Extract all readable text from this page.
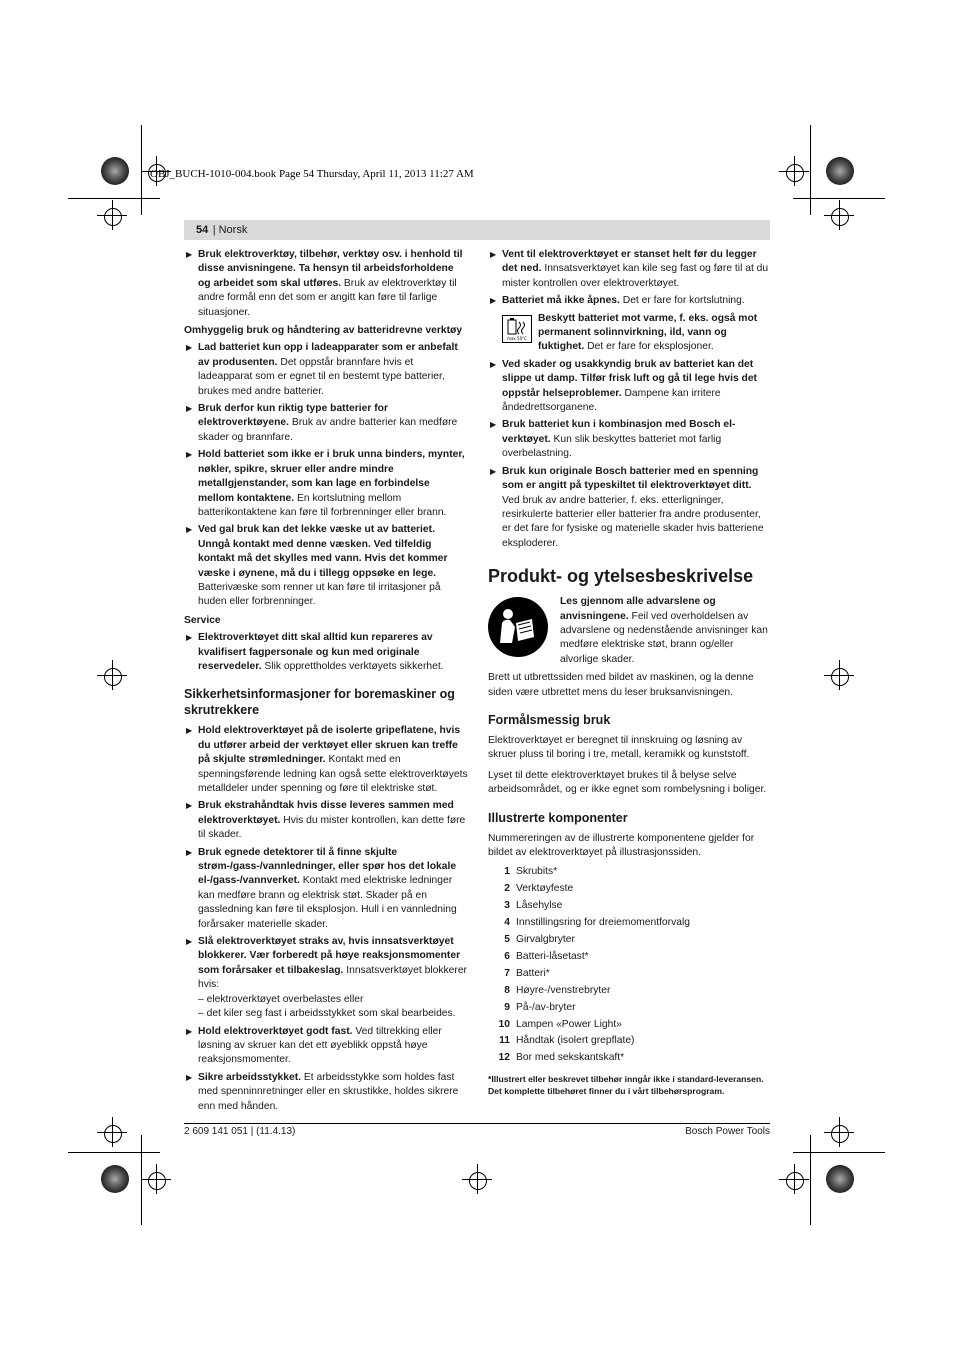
OBJ_BUCH-1010-004.book Page 54 Thursday, April 11, 2013 11:27 AM
54 | Norsk

▶ Bruk elektroverktøy, tilbehør, verktøy osv. i henhold til disse anvisningene. Ta hensyn til arbeidsforholdene og arbeidet som skal utføres. Bruk av elektroverktøy til andre formål enn det som er angitt kan føre til farlige situasjoner.

Omhyggelig bruk og håndtering av batteridrevne verktøy

▶ Lad batteriet kun opp i ladeapparater som er anbefalt av produsenten. Det oppstår brannfare hvis et ladeapparat som er egnet til en bestemt type batterier, brukes med andre batterier.

▶ Bruk derfor kun riktig type batterier for elektroverktøyene. Bruk av andre batterier kan medføre skader og brannfare.

▶ Hold batteriet som ikke er i bruk unna binders, mynter, nøkler, spikre, skruer eller andre mindre metallgjenstander, som kan lage en forbindelse mellom kontaktene. En kortslutning mellom batterikontaktene kan føre til forbrenninger eller brann.

▶ Ved gal bruk kan det lekke væske ut av batteriet. Unngå kontakt med denne væsken. Ved tilfeldig kontakt må det skylles med vann. Hvis det kommer væske i øynene, må du i tillegg oppsøke en lege. Batterivæske som renner ut kan føre til irritasjoner på huden eller forbrenninger.

Service

▶ Elektroverktøyet ditt skal alltid kun repareres av kvalifisert fagpersonale og kun med originale reservedeler. Slik opprettholdes verktøyets sikkerhet.

Sikkerhetsinformasjoner for boremaskiner og skrutrekkere

▶ Hold elektroverktøyet på de isolerte gripeflatene, hvis du utfører arbeid der verktøyet eller skruen kan treffe på skjulte strømledninger. Kontakt med en spenningsførende ledning kan også sette elektroverktøyets metalldeler under spenning og føre til elektriske støt.

▶ Bruk ekstrahåndtak hvis disse leveres sammen med elektroverktøyet. Hvis du mister kontrollen, kan dette føre til skader.

▶ Bruk egnede detektorer til å finne skjulte strøm-/gass-/vannledninger, eller spør hos det lokale el-/gass-/vannverket. Kontakt med elektriske ledninger kan medføre brann og elektrisk støt. Skader på en gassledning kan føre til eksplosjon. Hull i en vannledning forårsaker materielle skader.

▶ Slå elektroverktøyet straks av, hvis innsatsverktøyet blokkerer. Vær forberedt på høye reaksjonsmomenter som forårsaker et tilbakeslag. Innsatsverktøyet blokkerer hvis:

– elektroverktøyet overbelastes eller

– det kiler seg fast i arbeidsstykket som skal bearbeides.

▶ Hold elektroverktøyet godt fast. Ved tiltrekking eller løsning av skruer kan det ett øyeblikk oppstå høye reaksjonsmomenter.

▶ Sikre arbeidsstykket. Et arbeidsstykke som holdes fast med spenninnretninger eller en skrustikke, holdes sikrere enn med hånden.

▶ Vent til elektroverktøyet er stanset helt før du legger det ned. Innsatsverktøyet kan kile seg fast og føre til at du mister kontrollen over elektroverktøyet.

▶ Batteriet må ikke åpnes. Det er fare for kortslutning.

max 50°C

Beskytt batteriet mot varme, f. eks. også mot permanent solinnvirkning, ild, vann og fuktighet. Det er fare for eksplosjoner.

▶ Ved skader og usakkyndig bruk av batteriet kan det slippe ut damp. Tilfør frisk luft og gå til lege hvis det oppstår helseproblemer. Dampene kan irritere åndedrettsorganene.

▶ Bruk batteriet kun i kombinasjon med Bosch el-verktøyet. Kun slik beskyttes batteriet mot farlig overbelastning.

▶ Bruk kun originale Bosch batterier med en spenning som er angitt på typeskiltet til elektroverktøyet ditt. Ved bruk av andre batterier, f. eks. etterligninger, resirkulerte batterier eller batterier fra andre produsenter, er det fare for fysiske og materielle skader hvis batteriene eksploderer.

Produkt- og ytelsesbeskrivelse

Les gjennom alle advarslene og anvisningene. Feil ved overholdelsen av advarslene og nedenstående anvisninger kan medføre elektriske støt, brann og/eller alvorlige skader.

Brett ut utbrettssiden med bildet av maskinen, og la denne siden være utbrettet mens du leser bruksanvisningen.

Formålsmessig bruk

Elektroverktøyet er beregnet til innskruing og løsning av skruer pluss til boring i tre, metall, keramikk og kunststoff.

Lyset til dette elektroverktøyet brukes til å belyse selve arbeidsområdet, og er ikke egnet som rombelysning i boliger.

Illustrerte komponenter

Nummereringen av de illustrerte komponentene gjelder for bildet av elektroverktøyet på illustrasjonssiden.

1 Skrubits*
2 Verktøyfeste
3 Låsehylse
4 Innstillingsring for dreiemomentforvalg
5 Girvalgbryter
6 Batteri-låsetast*
7 Batteri*
8 Høyre-/venstrebryter
9 På-/av-bryter
10 Lampen «Power Light»
11 Håndtak (isolert grepflate)
12 Bor med sekskantskaft*

*Illustrert eller beskrevet tilbehør inngår ikke i standard-leveransen. Det komplette tilbehøret finner du i vårt tilbehørsprogram.

2 609 141 051 | (11.4.13)	Bosch Power Tools
